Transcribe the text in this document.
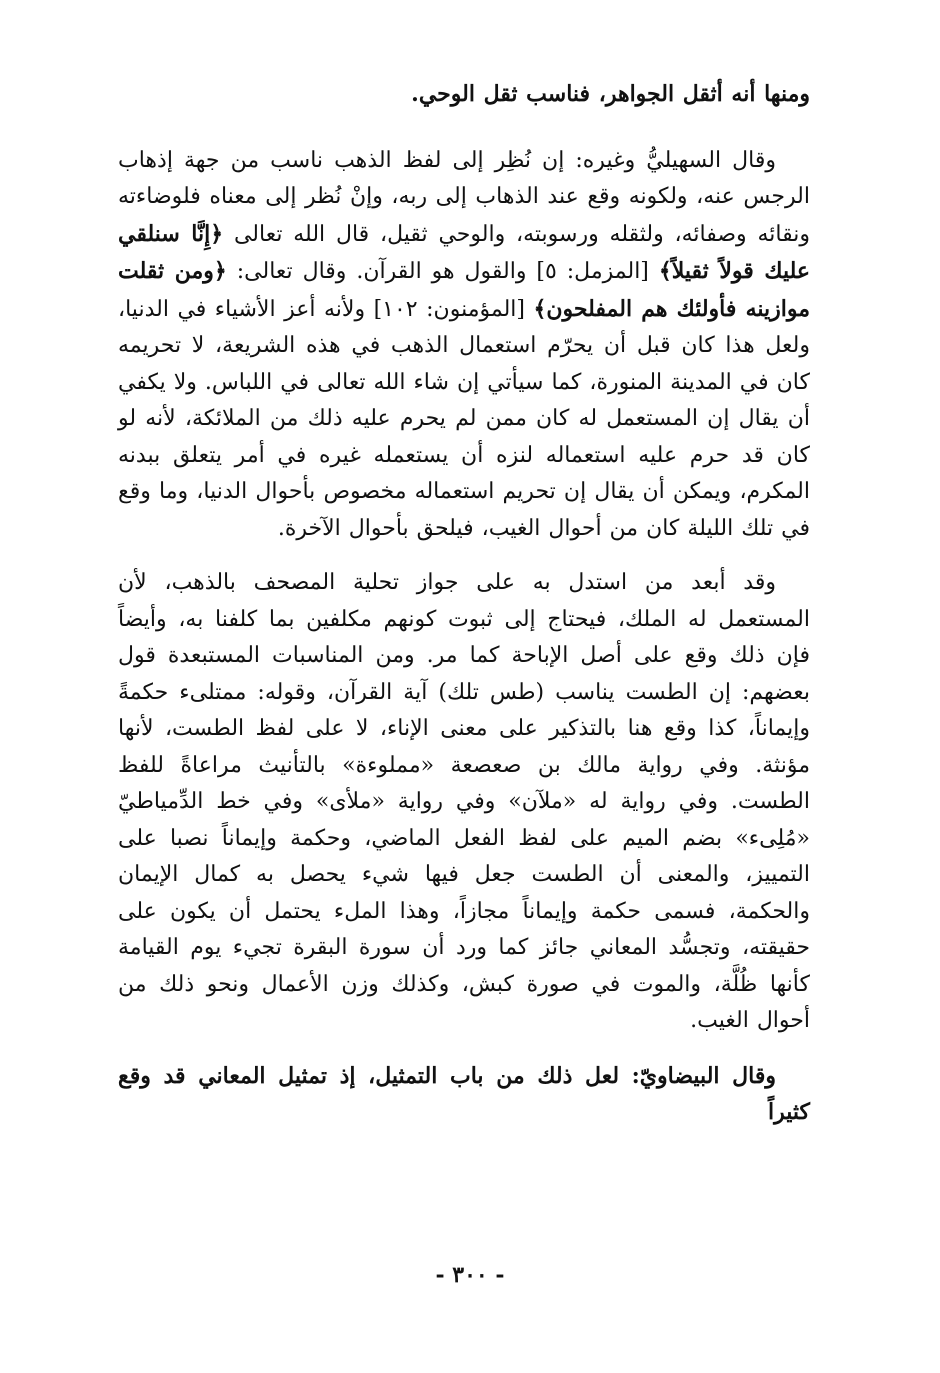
ومنها أنه أثقل الجواهر، فناسب ثقل الوحي.

وقال السهيليُّ وغيره: إن نُظِر إلى لفظ الذهب ناسب من جهة إذهاب الرجس عنه، ولكونه وقع عند الذهاب إلى ربه، وإنْ نُظر إلى معناه فلوضاءته ونقائه وصفائه، ولثقله ورسوبته، والوحي ثقيل، قال الله تعالى ﴿إِنَّا سنلقي عليك قولاً ثقيلاً﴾ [المزمل: ٥] والقول هو القرآن. وقال تعالى: ﴿ومن ثقلت موازينه فأولئك هم المفلحون﴾ [المؤمنون: ١٠٢] ولأنه أعز الأشياء في الدنيا، ولعل هذا كان قبل أن يحرّم استعمال الذهب في هذه الشريعة، لا تحريمه كان في المدينة المنورة، كما سيأتي إن شاء الله تعالى في اللباس. ولا يكفي أن يقال إن المستعمل له كان ممن لم يحرم عليه ذلك من الملائكة، لأنه لو كان قد حرم عليه استعماله لنزه أن يستعمله غيره في أمر يتعلق ببدنه المكرم، ويمكن أن يقال إن تحريم استعماله مخصوص بأحوال الدنيا، وما وقع في تلك الليلة كان من أحوال الغيب، فيلحق بأحوال الآخرة.

وقد أبعد من استدل به على جواز تحلية المصحف بالذهب، لأن المستعمل له الملك، فيحتاج إلى ثبوت كونهم مكلفين بما كلفنا به، وأيضاً فإن ذلك وقع على أصل الإباحة كما مر. ومن المناسبات المستبعدة قول بعضهم: إن الطست يناسب (طس تلك) آية القرآن، وقوله: ممتلىء حكمةً وإيماناً، كذا وقع هنا بالتذكير على معنى الإناء، لا على لفظ الطست، لأنها مؤنثة. وفي رواية مالك بن صعصعة «مملوءة» بالتأنيث مراعاةً للفظ الطست. وفي رواية له «ملآن» وفي رواية «ملأى» وفي خط الدِّمياطيّ «مُلِىء» بضم الميم على لفظ الفعل الماضي، وحكمة وإيماناً نصبا على التمييز، والمعنى أن الطست جعل فيها شيء يحصل به كمال الإيمان والحكمة، فسمى حكمة وإيماناً مجازاً، وهذا الملء يحتمل أن يكون على حقيقته، وتجسُّد المعاني جائز كما ورد أن سورة البقرة تجيء يوم القيامة كأنها ظُلَّة، والموت في صورة كبش، وكذلك وزن الأعمال ونحو ذلك من أحوال الغيب.

وقال البيضاويّ: لعل ذلك من باب التمثيل، إذ تمثيل المعاني قد وقع كثيراً

- ٣٠٠ -
